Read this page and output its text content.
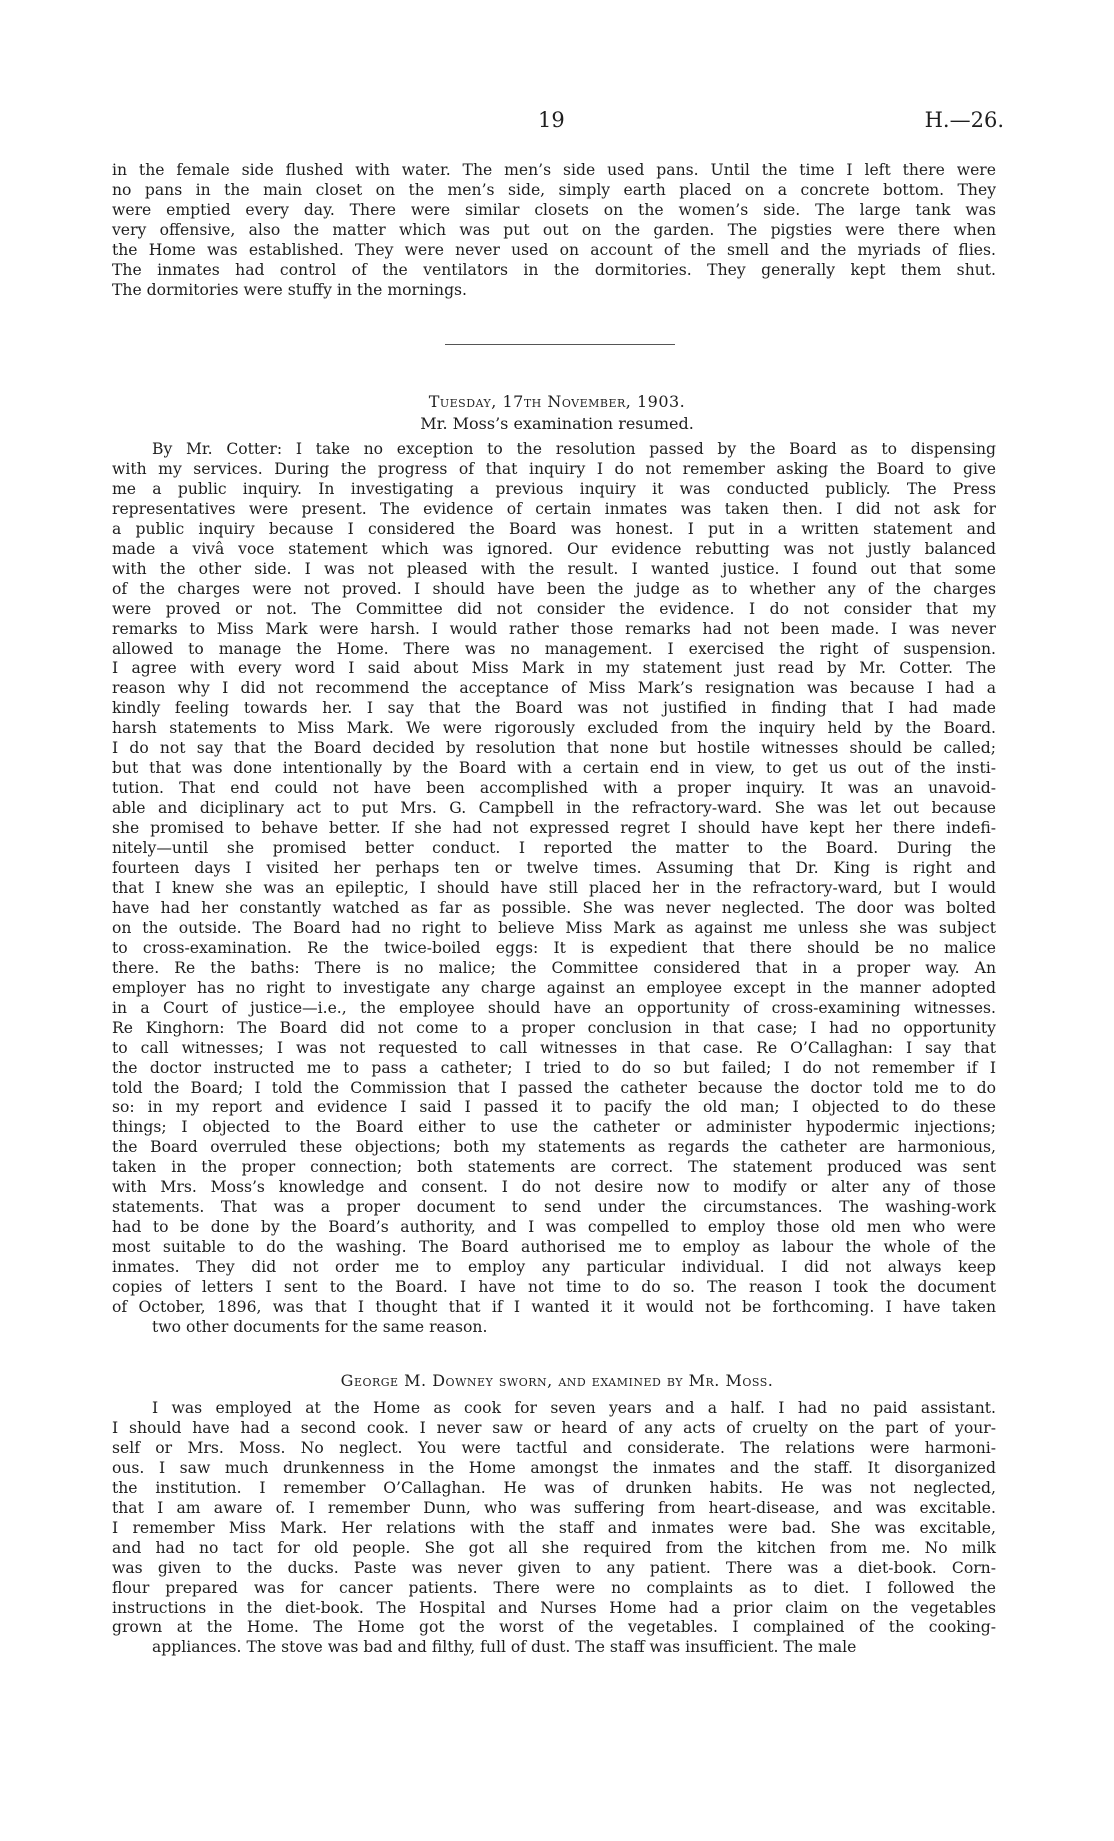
19	H.—26.

in the female side flushed with water. The men’s side used pans. Until the time I left there were
no pans in the main closet on the men’s side, simply earth placed on a concrete bottom. They
were emptied every day. There were similar closets on the women’s side. The large tank was
very offensive, also the matter which was put out on the garden. The pigsties were there when
the Home was established. They were never used on account of the smell and the myriads of flies.
The inmates had control of the ventilators in the dormitories. They generally kept them shut.

The dormitories were stuffy in the mornings.

Tuesday, 17th November, 1903.
Mr. Moss’s examination resumed.

By Mr. Cotter: I take no exception to the resolution passed by the Board as to dispensing
with my services. During the progress of that inquiry I do not remember asking the Board to give
me a public inquiry. In investigating a previous inquiry it was conducted publicly. The Press
representatives were present. The evidence of certain inmates was taken then. I did not ask for
a public inquiry because I considered the Board was honest. I put in a written statement and
made a vivâ voce statement which was ignored. Our evidence rebutting was not justly balanced
with the other side. I was not pleased with the result. I wanted justice. I found out that some
of the charges were not proved. I should have been the judge as to whether any of the charges
were proved or not. The Committee did not consider the evidence. I do not consider that my
remarks to Miss Mark were harsh. I would rather those remarks had not been made. I was never
allowed to manage the Home. There was no management. I exercised the right of suspension.
I agree with every word I said about Miss Mark in my statement just read by Mr. Cotter. The
reason why I did not recommend the acceptance of Miss Mark’s resignation was because I had a
kindly feeling towards her. I say that the Board was not justified in finding that I had made
harsh statements to Miss Mark. We were rigorously excluded from the inquiry held by the Board.
I do not say that the Board decided by resolution that none but hostile witnesses should be called;
but that was done intentionally by the Board with a certain end in view, to get us out of the insti-
tution. That end could not have been accomplished with a proper inquiry. It was an unavoid-
able and diciplinary act to put Mrs. G. Campbell in the refractory-ward. She was let out because
she promised to behave better. If she had not expressed regret I should have kept her there indefi-
nitely—until she promised better conduct. I reported the matter to the Board. During the
fourteen days I visited her perhaps ten or twelve times. Assuming that Dr. King is right and
that I knew she was an epileptic, I should have still placed her in the refractory-ward, but I would
have had her constantly watched as far as possible. She was never neglected. The door was bolted
on the outside. The Board had no right to believe Miss Mark as against me unless she was subject
to cross-examination. Re the twice-boiled eggs: It is expedient that there should be no malice
there. Re the baths: There is no malice; the Committee considered that in a proper way. An
employer has no right to investigate any charge against an employee except in the manner adopted
in a Court of justice—i.e., the employee should have an opportunity of cross-examining witnesses.
Re Kinghorn: The Board did not come to a proper conclusion in that case; I had no opportunity
to call witnesses; I was not requested to call witnesses in that case. Re O’Callaghan: I say that
the doctor instructed me to pass a catheter; I tried to do so but failed; I do not remember if I
told the Board; I told the Commission that I passed the catheter because the doctor told me to do
so: in my report and evidence I said I passed it to pacify the old man; I objected to do these
things; I objected to the Board either to use the catheter or administer hypodermic injections;
the Board overruled these objections; both my statements as regards the catheter are harmonious,
taken in the proper connection; both statements are correct. The statement produced was sent
with Mrs. Moss’s knowledge and consent. I do not desire now to modify or alter any of those
statements. That was a proper document to send under the circumstances. The washing-work
had to be done by the Board’s authority, and I was compelled to employ those old men who were
most suitable to do the washing. The Board authorised me to employ as labour the whole of the
inmates. They did not order me to employ any particular individual. I did not always keep
copies of letters I sent to the Board. I have not time to do so. The reason I took the document
of October, 1896, was that I thought that if I wanted it it would not be forthcoming. I have taken

two other documents for the same reason.

George M. Downey sworn, and examined by Mr. Moss.

I was employed at the Home as cook for seven years and a half. I had no paid assistant.
I should have had a second cook. I never saw or heard of any acts of cruelty on the part of your-
self or Mrs. Moss. No neglect. You were tactful and considerate. The relations were harmoni-
ous. I saw much drunkenness in the Home amongst the inmates and the staff. It disorganized
the institution. I remember O’Callaghan. He was of drunken habits. He was not neglected,
that I am aware of. I remember Dunn, who was suffering from heart-disease, and was excitable.
I remember Miss Mark. Her relations with the staff and inmates were bad. She was excitable,
and had no tact for old people. She got all she required from the kitchen from me. No milk
was given to the ducks. Paste was never given to any patient. There was a diet-book. Corn-
flour prepared was for cancer patients. There were no complaints as to diet. I followed the
instructions in the diet-book. The Hospital and Nurses Home had a prior claim on the vegetables
grown at the Home. The Home got the worst of the vegetables. I complained of the cooking-

appliances. The stove was bad and filthy, full of dust. The staff was insufficient. The male
